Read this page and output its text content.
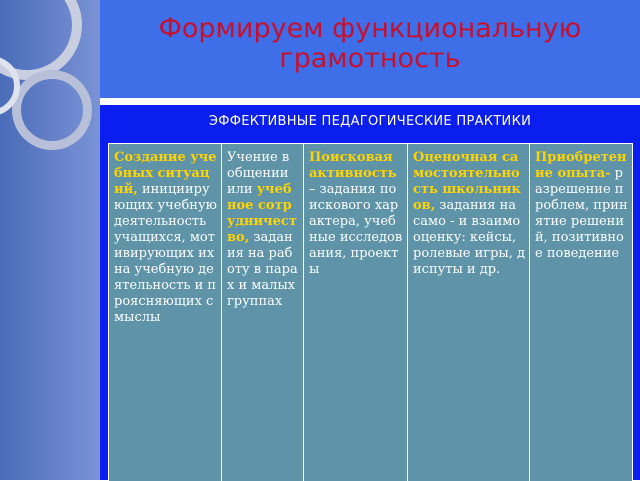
Формируем функциональную грамотность
ЭФФЕКТИВНЫЕ ПЕДАГОГИЧЕСКИЕ ПРАКТИКИ
Создание учебных ситуаций, инициирующих учебную деятельность учащихся, мотивирующих их на учебную деятельность и проясняющих смыслы
Учение в общении или учебное сотрудничество, задания на работу в парах и малых группах
Поисковая активность – задания поискового характера, учебные исследования, проекты
Оценочная самостоятельность школьников, задания на само - и взаимооценку: кейсы, ролевые игры, диспуты и др.
Приобретение опыта- разрешение проблем, принятие решений, позитивное поведение
